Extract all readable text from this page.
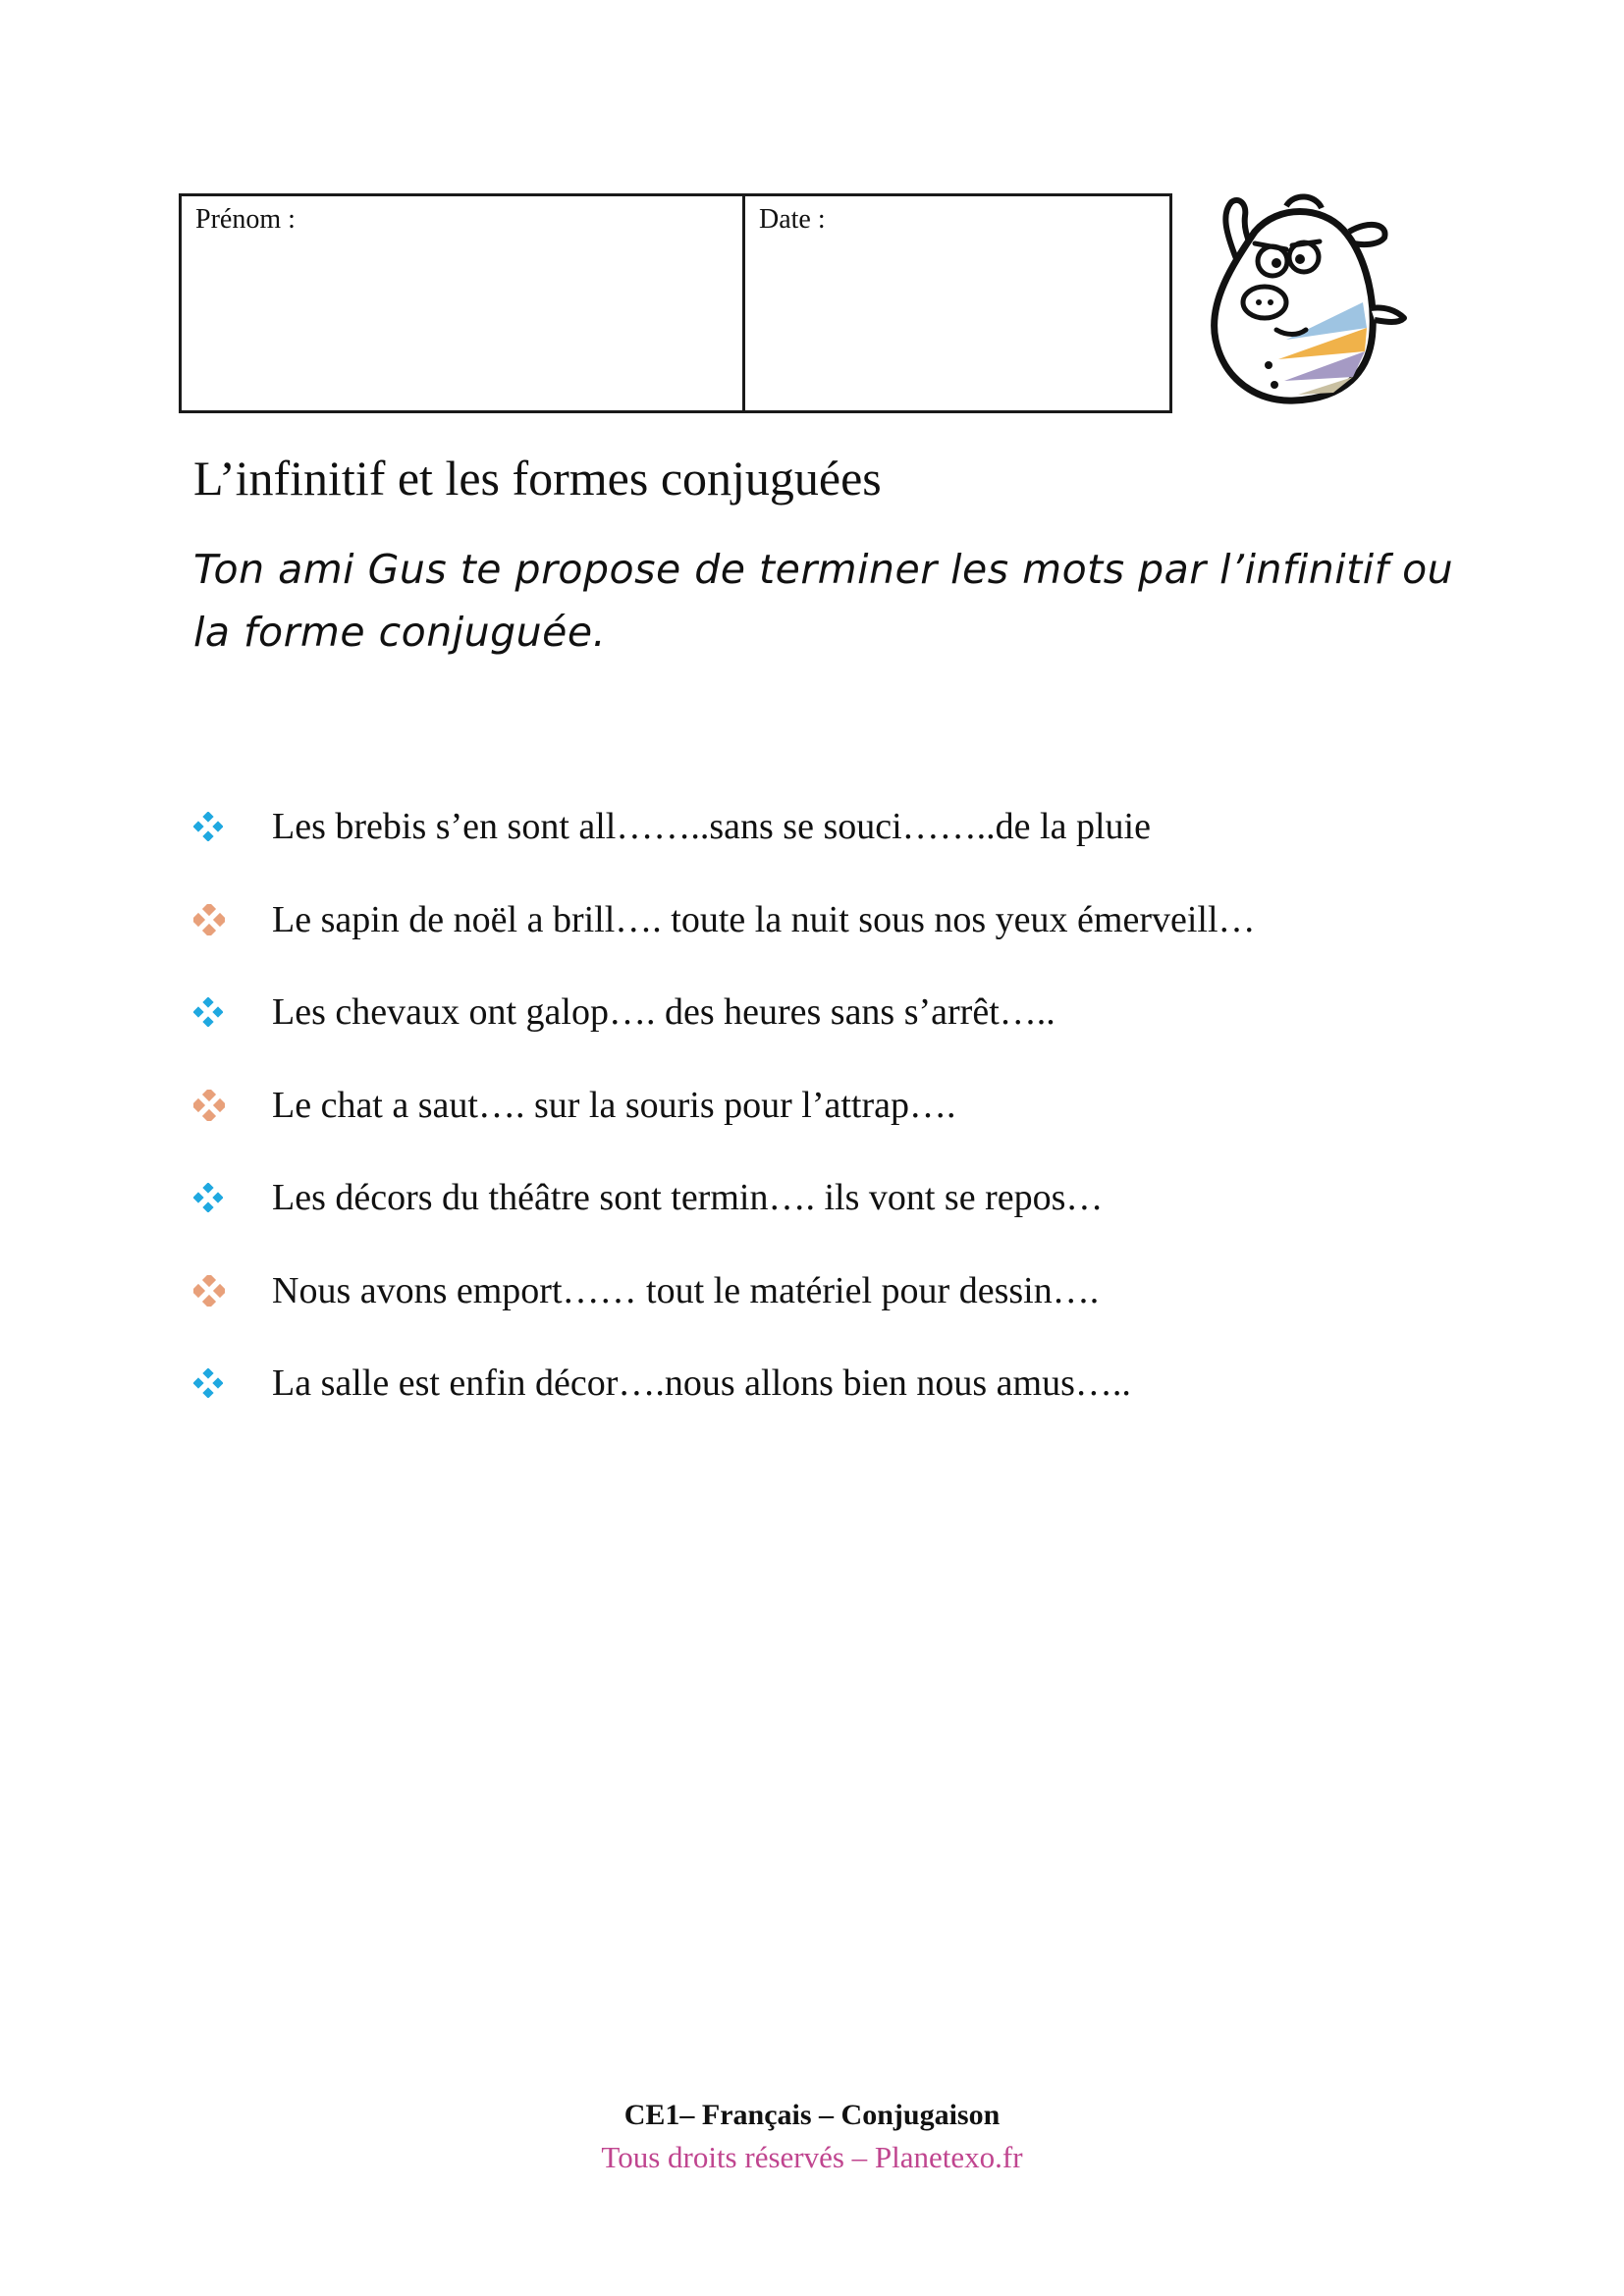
Prénom :	Date :
L’infinitif et les formes conjuguées

Ton ami Gus te propose de terminer les mots par l’infinitif ou la forme conjuguée.

Les brebis s’en sont all……..sans se souci……..de la pluie
Le sapin de noël a brill…. toute la nuit sous nos yeux émerveill…
Les chevaux ont galop…. des heures sans s’arrêt…..
Le chat a saut…. sur la souris pour l’attrap….
Les décors du théâtre sont termin…. ils vont se repos…
Nous avons emport…… tout le matériel pour dessin….
La salle est enfin décor….nous allons bien nous amus…..
CE1– Français – Conjugaison
Tous droits réservés – Planetexo.fr
